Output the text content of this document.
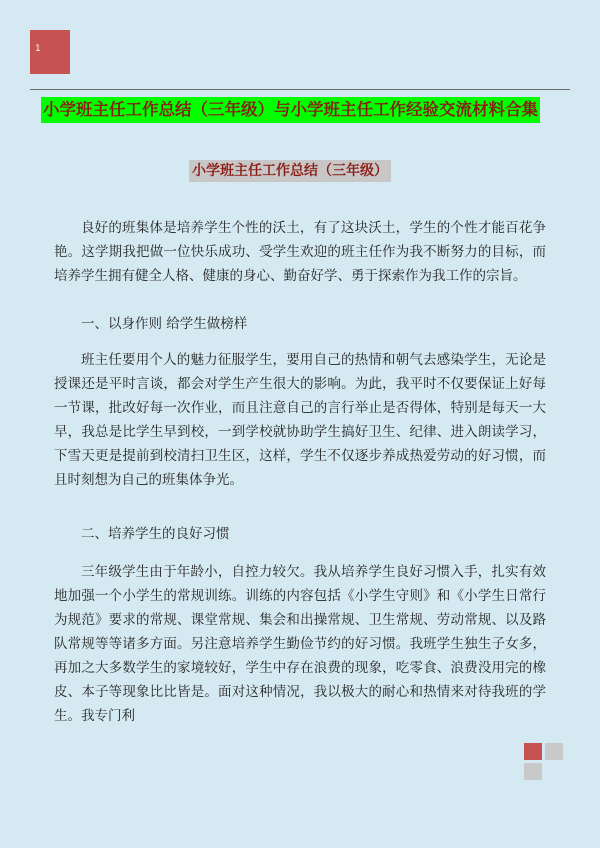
1
小学班主任工作总结（三年级）与小学班主任工作经验交流材料合集
小学班主任工作总结（三年级）

良好的班集体是培养学生个性的沃土，有了这块沃土，学生的个性才能百花争艳。这学期我把做一位快乐成功、受学生欢迎的班主任作为我不断努力的目标，而培养学生拥有健全人格、健康的身心、勤奋好学、勇于探索作为我工作的宗旨。

一、以身作则 给学生做榜样

班主任要用个人的魅力征服学生，要用自己的热情和朝气去感染学生，无论是授课还是平时言谈，都会对学生产生很大的影响。为此，我平时不仅要保证上好每一节课，批改好每一次作业，而且注意自己的言行举止是否得体，特别是每天一大早，我总是比学生早到校，一到学校就协助学生搞好卫生、纪律、进入朗读学习，下雪天更是提前到校清扫卫生区，这样，学生不仅逐步养成热爱劳动的好习惯，而且时刻想为自己的班集体争光。

二、培养学生的良好习惯

三年级学生由于年龄小，自控力较欠。我从培养学生良好习惯入手，扎实有效地加强一个小学生的常规训练。训练的内容包括《小学生守则》和《小学生日常行为规范》要求的常规、课堂常规、集会和出操常规、卫生常规、劳动常规、以及路队常规等等诸多方面。另注意培养学生勤俭节约的好习惯。我班学生独生子女多，再加之大多数学生的家境较好，学生中存在浪费的现象，吃零食、浪费没用完的橡皮、本子等现象比比皆是。面对这种情况，我以极大的耐心和热情来对待我班的学生。我专门利
